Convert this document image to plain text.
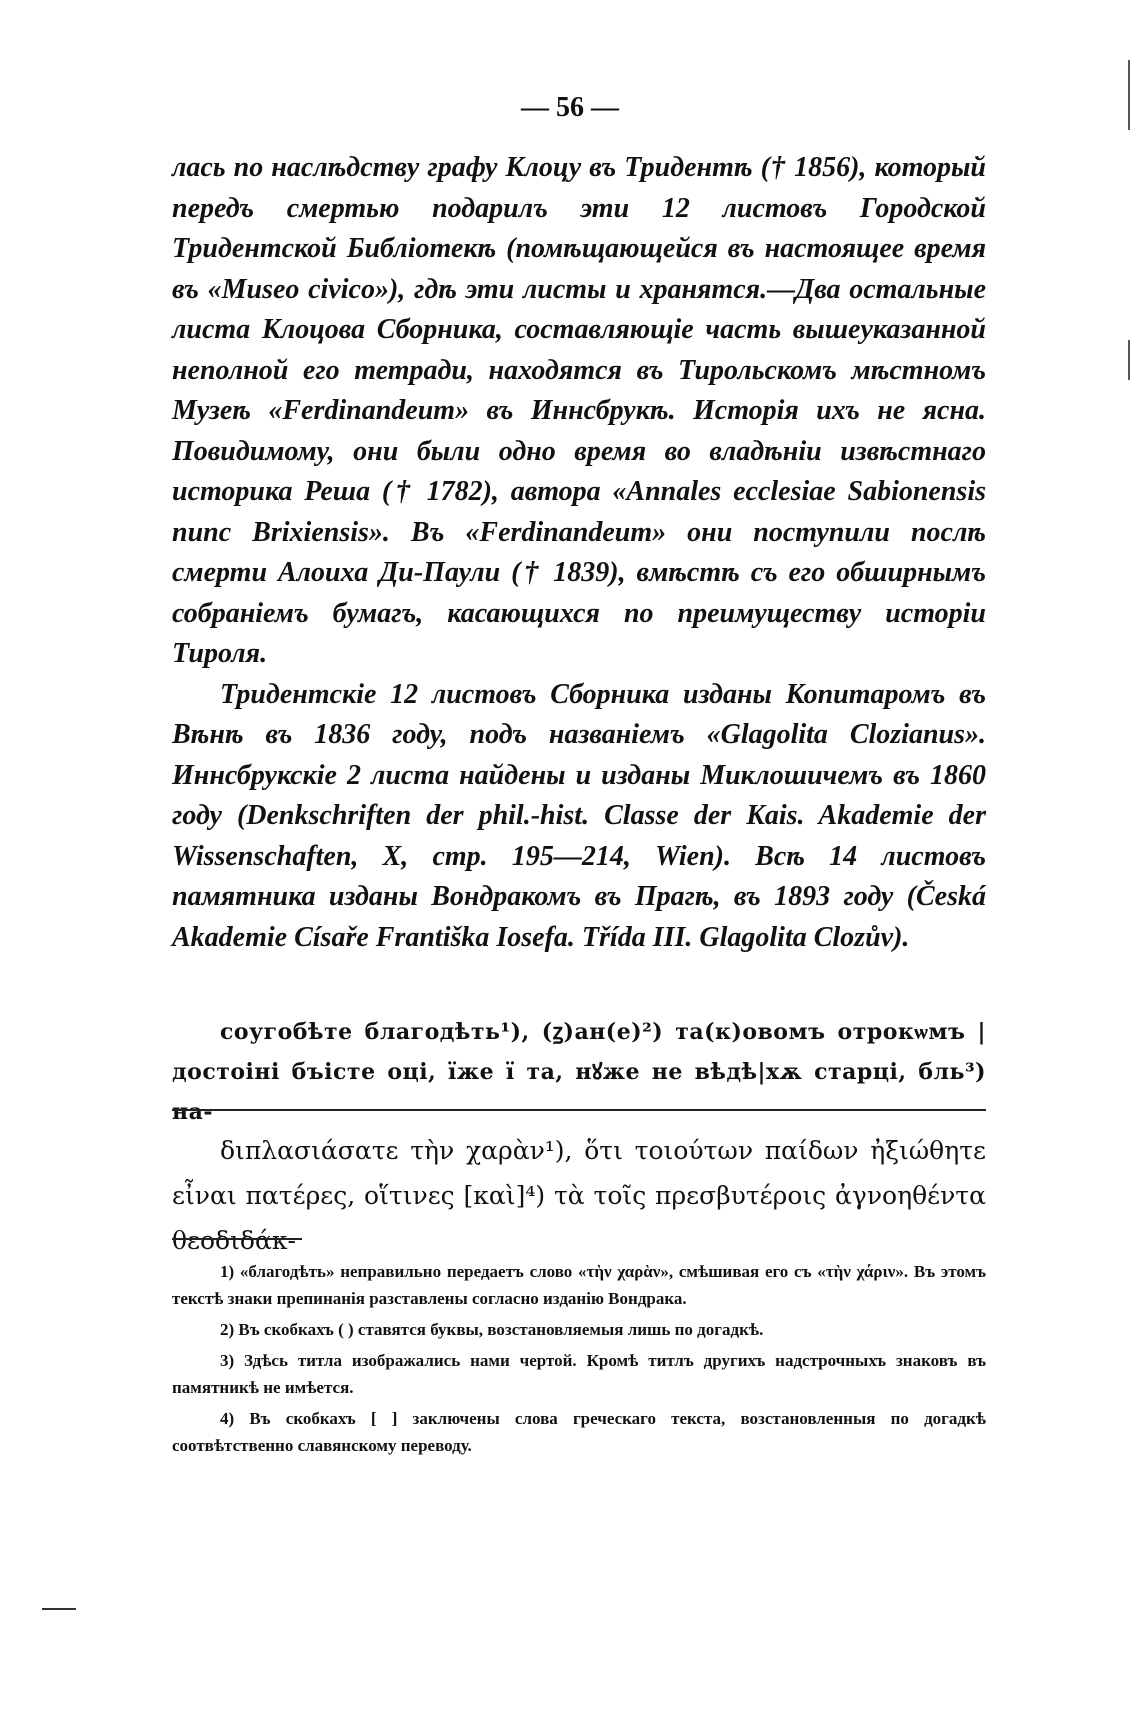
— 56 —

лась по наслѣдству графу Клоцу въ Тридентѣ († 1856), который передъ смертью подарилъ эти 12 листовъ Городской Тридентской Библіотекѣ (помѣщающейся въ настоящее время въ «Museo civico»), гдѣ эти листы и хранятся.—Два остальные листа Клоцова Сборника, составляющіе часть вышеуказанной неполной его тетради, находятся въ Тирольскомъ мѣстномъ Музеѣ «Ferdinandeum» въ Иннсбрукѣ. Исторія ихъ не ясна. Повидимому, они были одно время во владѣніи извѣстнаго историка Реша († 1782), автора «Annales ecclesiae Sabionensis nunc Brixiensis». Въ «Ferdinandeum» они поступили послѣ смерти Алоиха Ди-Паули († 1839), вмѣстѣ съ его обширнымъ собраніемъ бумагъ, касающихся по преимуществу исторіи Тироля.

Тридентскіе 12 листовъ Сборника изданы Копитаромъ въ Вѣнѣ въ 1836 году, подъ названіемъ «Glagolita Clozianus». Иннсбрукскіе 2 листа найдены и изданы Миклошичемъ въ 1860 году (Denkschriften der phil.-hist. Classe der Kais. Akademie der Wissenschaften, X, стр. 195—214, Wien). Всѣ 14 листовъ памятника изданы Вондракомъ въ Прагѣ, въ 1893 году (Česká Akademie Císaře Františka Iosefa. Třída III. Glagolita Clozův).

соугобѣте благодѣть¹), (ꙁ)ан(е)²) та(к)овомъ отрокѡмъ | достоіні бъісте оці, їже ї та, нꙋже не вѣдѣ|хѫ старці, бль³) на-

διπλασιάσατε τὴν χαρὰν¹), ὅτι τοιούτων παίδων ἠξιώθητε εἶναι πατέρες, οἵτινες [καὶ]⁴) τὰ τοῖς πρεσβυτέροις ἀγνοηθέντα θεοδιδάκ-

1) «благодѣть» неправильно передаетъ слово «τὴν χαρὰν», смѣшивая его съ «τὴν χάριν». Въ этомъ текстѣ знаки препинанія разставлены согласно изданію Вондрака.

2) Въ скобкахъ ( ) ставятся буквы, возстановляемыя лишь по догадкѣ.

3) Здѣсь титла изображались нами чертой. Кромѣ титлъ другихъ надстрочныхъ знаковъ въ памятникѣ не имѣется.

4) Въ скобкахъ [ ] заключены слова греческаго текста, возстановленныя по догадкѣ соотвѣтственно славянскому переводу.
